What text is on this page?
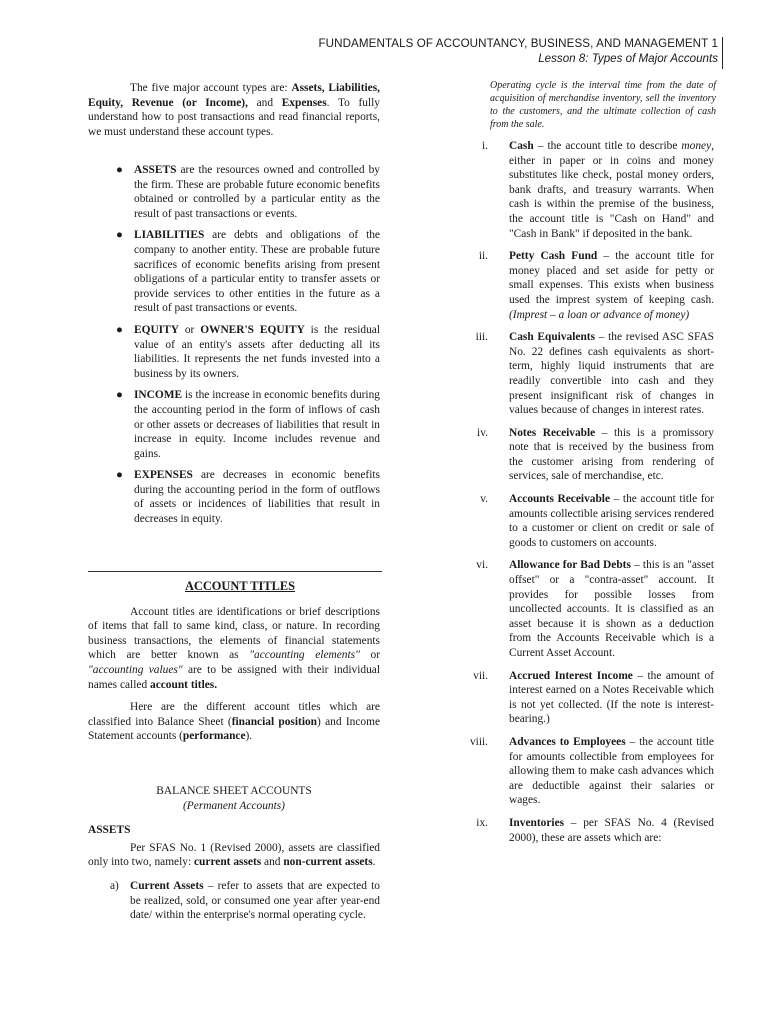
FUNDAMENTALS OF ACCOUNTANCY, BUSINESS, AND MANAGEMENT 1
Lesson 8: Types of Major Accounts

The five major account types are: Assets, Liabilities, Equity, Revenue (or Income), and Expenses. To fully understand how to post transactions and read financial reports, we must understand these account types.

● ASSETS are the resources owned and controlled by the firm. These are probable future economic benefits obtained or controlled by a particular entity as the result of past transactions or events.
● LIABILITIES are debts and obligations of the company to another entity. These are probable future sacrifices of economic benefits arising from present obligations of a particular entity to transfer assets or provide services to other entities in the future as a result of past transactions or events.
● EQUITY or OWNER'S EQUITY is the residual value of an entity's assets after deducting all its liabilities. It represents the net funds invested into a business by its owners.
● INCOME is the increase in economic benefits during the accounting period in the form of inflows of cash or other assets or decreases of liabilities that result in increase in equity. Income includes revenue and gains.
● EXPENSES are decreases in economic benefits during the accounting period in the form of outflows of assets or incidences of liabilities that result in decreases in equity.
ACCOUNT TITLES

Account titles are identifications or brief descriptions of items that fall to same kind, class, or nature. In recording business transactions, the elements of financial statements which are better known as "accounting elements" or "accounting values" are to be assigned with their individual names called account titles.

Here are the different account titles which are classified into Balance Sheet (financial position) and Income Statement accounts (performance).

BALANCE SHEET ACCOUNTS
(Permanent Accounts)
ASSETS

Per SFAS No. 1 (Revised 2000), assets are classified only into two, namely: current assets and non-current assets.

a) Current Assets – refer to assets that are expected to be realized, sold, or consumed one year after year-end date/ within the enterprise's normal operating cycle.

Operating cycle is the interval time from the date of acquisition of merchandise inventory, sell the inventory to the customers, and the ultimate collection of cash from the sale.

i. Cash – the account title to describe money, either in paper or in coins and money substitutes like check, postal money orders, bank drafts, and treasury warrants. When cash is within the premise of the business, the account title is "Cash on Hand" and "Cash in Bank" if deposited in the bank.
ii. Petty Cash Fund – the account title for money placed and set aside for petty or small expenses. This exists when business used the imprest system of keeping cash. (Imprest – a loan or advance of money)
iii. Cash Equivalents – the revised ASC SFAS No. 22 defines cash equivalents as short-term, highly liquid instruments that are readily convertible into cash and they present insignificant risk of changes in values because of changes in interest rates.
iv. Notes Receivable – this is a promissory note that is received by the business from the customer arising from rendering of services, sale of merchandise, etc.
v. Accounts Receivable – the account title for amounts collectible arising services rendered to a customer or client on credit or sale of goods to customers on accounts.
vi. Allowance for Bad Debts – this is an "asset offset" or a "contra-asset" account. It provides for possible losses from uncollected accounts. It is classified as an asset because it is shown as a deduction from the Accounts Receivable which is a Current Asset Account.
vii. Accrued Interest Income – the amount of interest earned on a Notes Receivable which is not yet collected. (If the note is interest-bearing.)
viii. Advances to Employees – the account title for amounts collectible from employees for allowing them to make cash advances which are deductible against their salaries or wages.
ix. Inventories – per SFAS No. 4 (Revised 2000), these are assets which are:
